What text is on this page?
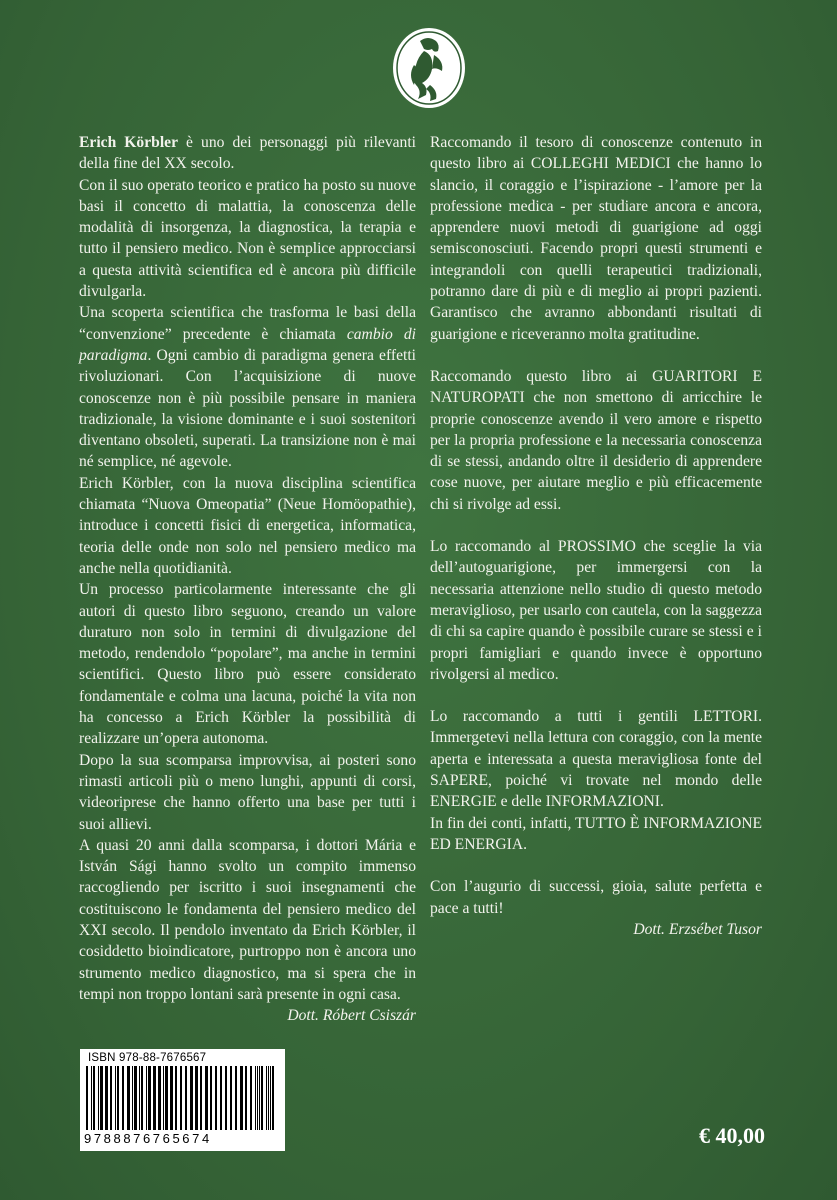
Erich Körbler è uno dei personaggi più rilevanti della fine del XX secolo.

Con il suo operato teorico e pratico ha posto su nuove basi il concetto di malattia, la conoscenza delle modalità di insorgenza, la diagnostica, la terapia e tutto il pensiero medico. Non è semplice approcciarsi a questa attività scientifica ed è ancora più difficile divulgarla.

Una scoperta scientifica che trasforma le basi della “convenzione” precedente è chiamata cambio di paradigma. Ogni cambio di paradigma genera effetti rivoluzionari. Con l’acquisizione di nuove conoscenze non è più possibile pensare in maniera tradizionale, la visione dominante e i suoi sostenitori diventano obsoleti, superati. La transizione non è mai né semplice, né agevole.

Erich Körbler, con la nuova disciplina scientifica chiamata “Nuova Omeopatia” (Neue Homöopathie), introduce i concetti fisici di energetica, informatica, teoria delle onde non solo nel pensiero medico ma anche nella quotidianità.

Un processo particolarmente interessante che gli autori di questo libro seguono, creando un valore duraturo non solo in termini di divulgazione del metodo, rendendolo “popolare”, ma anche in termini scientifici. Questo libro può essere considerato fondamentale e colma una lacuna, poiché la vita non ha concesso a Erich Körbler la possibilità di realizzare un’opera autonoma.

Dopo la sua scomparsa improvvisa, ai posteri sono rimasti articoli più o meno lunghi, appunti di corsi, videoriprese che hanno offerto una base per tutti i suoi allievi.

A quasi 20 anni dalla scomparsa, i dottori Mária e István Sági hanno svolto un compito immenso raccogliendo per iscritto i suoi insegnamenti che costituiscono le fondamenta del pensiero medico del XXI secolo. Il pendolo inventato da Erich Körbler, il cosiddetto bioindicatore, purtroppo non è ancora uno strumento medico diagnostico, ma si spera che in tempi non troppo lontani sarà presente in ogni casa.

Dott. Róbert Csiszár

Raccomando il tesoro di conoscenze contenuto in questo libro ai COLLEGHI MEDICI che hanno lo slancio, il coraggio e l’ispirazione - l’amore per la professione medica - per studiare ancora e ancora, apprendere nuovi metodi di guarigione ad oggi semisconosciuti. Facendo propri questi strumenti e integrandoli con quelli terapeutici tradizionali, potranno dare di più e di meglio ai propri pazienti. Garantisco che avranno abbondanti risultati di guarigione e riceveranno molta gratitudine.

Raccomando questo libro ai GUARITORI E NATUROPATI che non smettono di arricchire le proprie conoscenze avendo il vero amore e rispetto per la propria professione e la necessaria conoscenza di se stessi, andando oltre il desiderio di apprendere cose nuove, per aiutare meglio e più efficacemente chi si rivolge ad essi.

Lo raccomando al PROSSIMO che sceglie la via dell’autoguarigione, per immergersi con la necessaria attenzione nello studio di questo metodo meraviglioso, per usarlo con cautela, con la saggezza di chi sa capire quando è possibile curare se stessi e i propri famigliari e quando invece è opportuno rivolgersi al medico.

Lo raccomando a tutti i gentili LETTORI. Immergetevi nella lettura con coraggio, con la mente aperta e interessata a questa meravigliosa fonte del SAPERE, poiché vi trovate nel mondo delle ENERGIE e delle INFORMAZIONI.

In fin dei conti, infatti, TUTTO È INFORMAZIONE ED ENERGIA.

Con l’augurio di successi, gioia, salute perfetta e pace a tutti!

Dott. Erzsébet Tusor

ISBN 978-88-7676567
9788876765674	€ 40,00
